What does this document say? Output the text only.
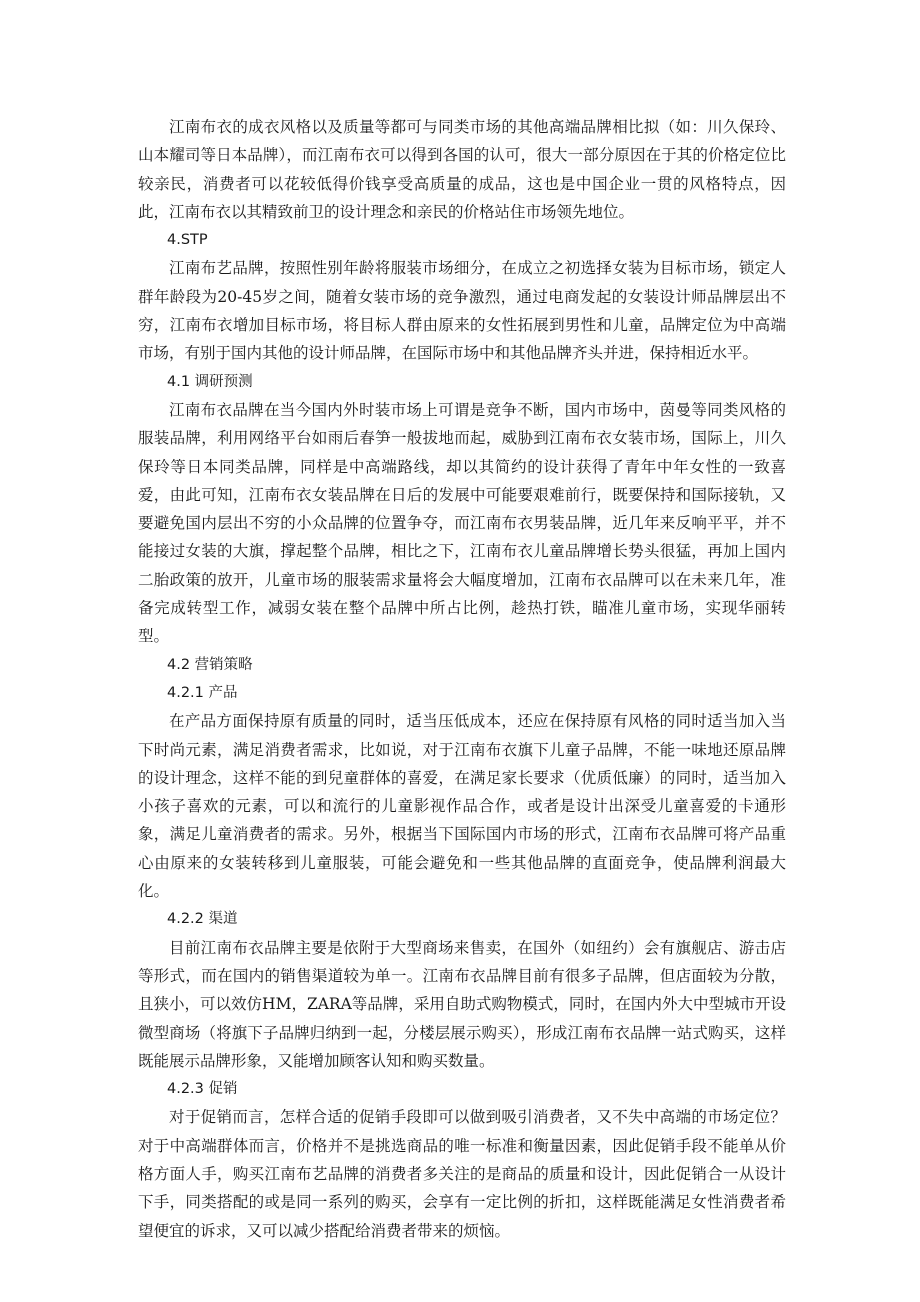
江南布衣的成衣风格以及质量等都可与同类市场的其他高端品牌相比拟（如：川久保玲、山本耀司等日本品牌），而江南布衣可以得到各国的认可，很大一部分原因在于其的价格定位比较亲民，消费者可以花较低得价钱享受高质量的成品，这也是中国企业一贯的风格特点，因此，江南布衣以其精致前卫的设计理念和亲民的价格站住市场领先地位。

4.STP

江南布艺品牌，按照性别年龄将服装市场细分，在成立之初选择女装为目标市场，锁定人群年龄段为20-45岁之间，随着女装市场的竞争激烈，通过电商发起的女装设计师品牌层出不穷，江南布衣增加目标市场，将目标人群由原来的女性拓展到男性和儿童，品牌定位为中高端市场，有别于国内其他的设计师品牌，在国际市场中和其他品牌齐头并进，保持相近水平。

4.1 调研预测

江南布衣品牌在当今国内外时装市场上可谓是竞争不断，国内市场中，茵曼等同类风格的服装品牌，利用网络平台如雨后春笋一般拔地而起，威胁到江南布衣女装市场，国际上，川久保玲等日本同类品牌，同样是中高端路线，却以其简约的设计获得了青年中年女性的一致喜爱，由此可知，江南布衣女装品牌在日后的发展中可能要艰难前行，既要保持和国际接轨，又要避免国内层出不穷的小众品牌的位置争夺，而江南布衣男装品牌，近几年来反响平平，并不能接过女装的大旗，撑起整个品牌，相比之下，江南布衣儿童品牌增长势头很猛，再加上国内二胎政策的放开，儿童市场的服装需求量将会大幅度增加，江南布衣品牌可以在未来几年，准备完成转型工作，减弱女装在整个品牌中所占比例，趁热打铁，瞄准儿童市场，实现华丽转型。

4.2 营销策略

4.2.1 产品

在产品方面保持原有质量的同时，适当压低成本，还应在保持原有风格的同时适当加入当下时尚元素，满足消费者需求，比如说，对于江南布衣旗下儿童子品牌，不能一味地还原品牌的设计理念，这样不能的到兒童群体的喜爱，在满足家长要求（优质低廉）的同时，适当加入小孩子喜欢的元素，可以和流行的儿童影视作品合作，或者是设计出深受儿童喜爱的卡通形象，满足儿童消费者的需求。另外，根据当下国际国内市场的形式，江南布衣品牌可将产品重心由原来的女装转移到儿童服装，可能会避免和一些其他品牌的直面竞争，使品牌利润最大化。

4.2.2 渠道

目前江南布衣品牌主要是依附于大型商场来售卖，在国外（如纽约）会有旗舰店、游击店等形式，而在国内的销售渠道较为单一。江南布衣品牌目前有很多子品牌，但店面较为分散，且狭小，可以效仿HM，ZARA等品牌，采用自助式购物模式，同时，在国内外大中型城市开设微型商场（将旗下子品牌归纳到一起，分楼层展示购买），形成江南布衣品牌一站式购买，这样既能展示品牌形象，又能增加顾客认知和购买数量。

4.2.3 促销

对于促销而言，怎样合适的促销手段即可以做到吸引消费者，又不失中高端的市场定位？对于中高端群体而言，价格并不是挑选商品的唯一标准和衡量因素，因此促销手段不能单从价格方面人手，购买江南布艺品牌的消费者多关注的是商品的质量和设计，因此促销合一从设计下手，同类搭配的或是同一系列的购买，会享有一定比例的折扣，这样既能满足女性消费者希望便宜的诉求，又可以减少搭配给消费者带来的烦恼。
